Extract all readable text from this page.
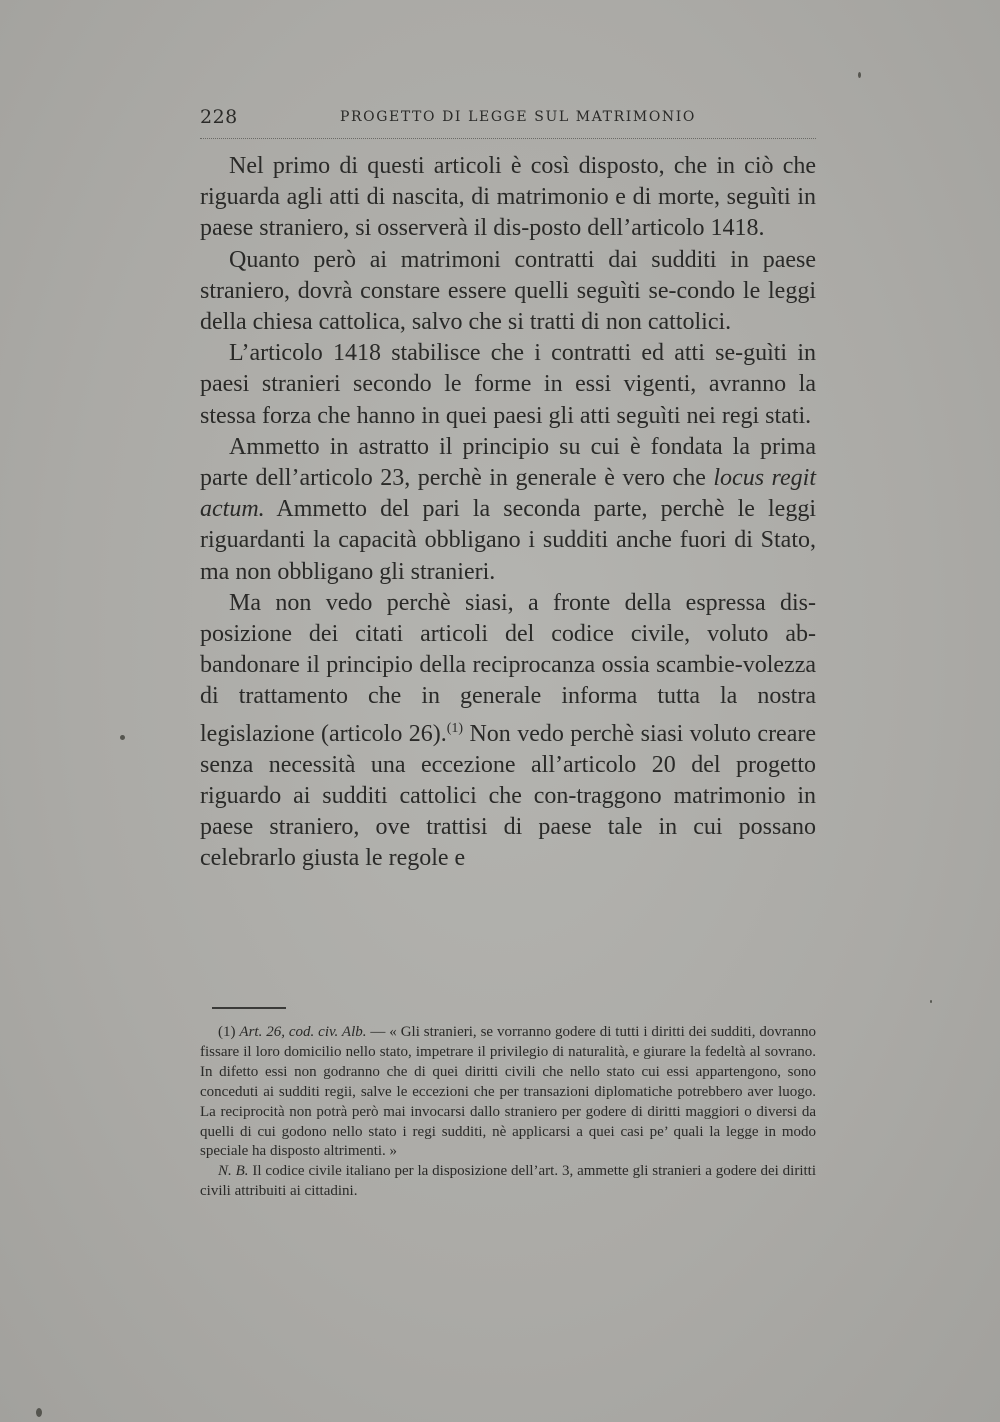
228	PROGETTO DI LEGGE SUL MATRIMONIO

Nel primo di questi articoli è così disposto, che in ciò che riguarda agli atti di nascita, di matrimonio e di morte, seguìti in paese straniero, si osserverà il dis-posto dell’articolo 1418.

Quanto però ai matrimoni contratti dai sudditi in paese straniero, dovrà constare essere quelli seguìti se-condo le leggi della chiesa cattolica, salvo che si tratti di non cattolici.

L’articolo 1418 stabilisce che i contratti ed atti se-guìti in paesi stranieri secondo le forme in essi vigenti, avranno la stessa forza che hanno in quei paesi gli atti seguìti nei regi stati.

Ammetto in astratto il principio su cui è fondata la prima parte dell’articolo 23, perchè in generale è vero che locus regit actum. Ammetto del pari la seconda parte, perchè le leggi riguardanti la capacità obbligano i sudditi anche fuori di Stato, ma non obbligano gli stranieri.

Ma non vedo perchè siasi, a fronte della espressa dis-posizione dei citati articoli del codice civile, voluto ab-bandonare il principio della reciprocanza ossia scambie-volezza di trattamento che in generale informa tutta la nostra legislazione (articolo 26).$^{(1)}$ Non vedo perchè siasi voluto creare senza necessità una eccezione all’articolo 20 del progetto riguardo ai sudditi cattolici che con-traggono matrimonio in paese straniero, ove trattisi di paese tale in cui possano celebrarlo giusta le regole e

(1) Art. 26, cod. civ. Alb. — « Gli stranieri, se vorranno godere di tutti i diritti dei sudditi, dovranno fissare il loro domicilio nello stato, impetrare il privilegio di naturalità, e giurare la fedeltà al sovrano. In difetto essi non godranno che di quei diritti civili che nello stato cui essi appartengono, sono conceduti ai sudditi regii, salve le eccezioni che per transazioni diplomatiche potrebbero aver luogo. La reciprocità non potrà però mai invocarsi dallo straniero per godere di diritti maggiori o diversi da quelli di cui godono nello stato i regi sudditi, nè applicarsi a quei casi pe’ quali la legge in modo speciale ha disposto altrimenti. »

N. B. Il codice civile italiano per la disposizione dell’art. 3, ammette gli stranieri a godere dei diritti civili attribuiti ai cittadini.
